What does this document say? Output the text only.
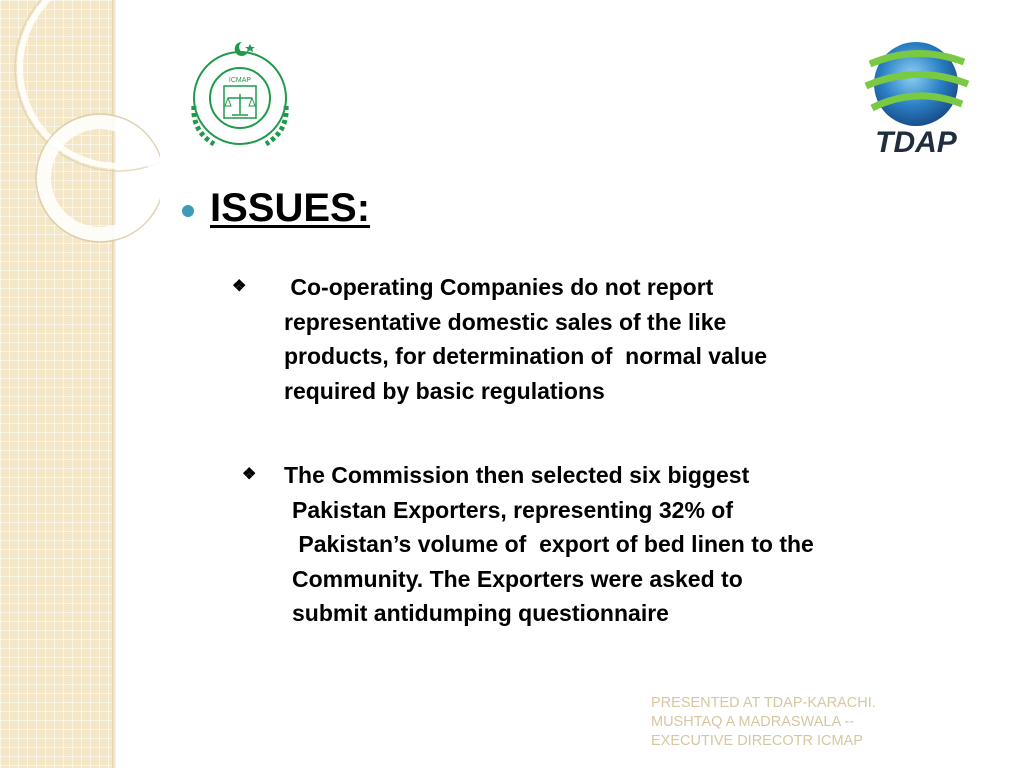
ICMAP
TDAP
ISSUES:
❖ Co-operating Companies do not report
representative domestic sales of the like
products, for determination of  normal value
required by basic regulations
❖ The Commission then selected six biggest
Pakistan Exporters, representing 32% of
Pakistan’s volume of  export of bed linen to the
Community. The Exporters were asked to
submit antidumping questionnaire
PRESENTED AT TDAP-KARACHI.
MUSHTAQ A MADRASWALA --
EXECUTIVE DIRECOTR ICMAP
